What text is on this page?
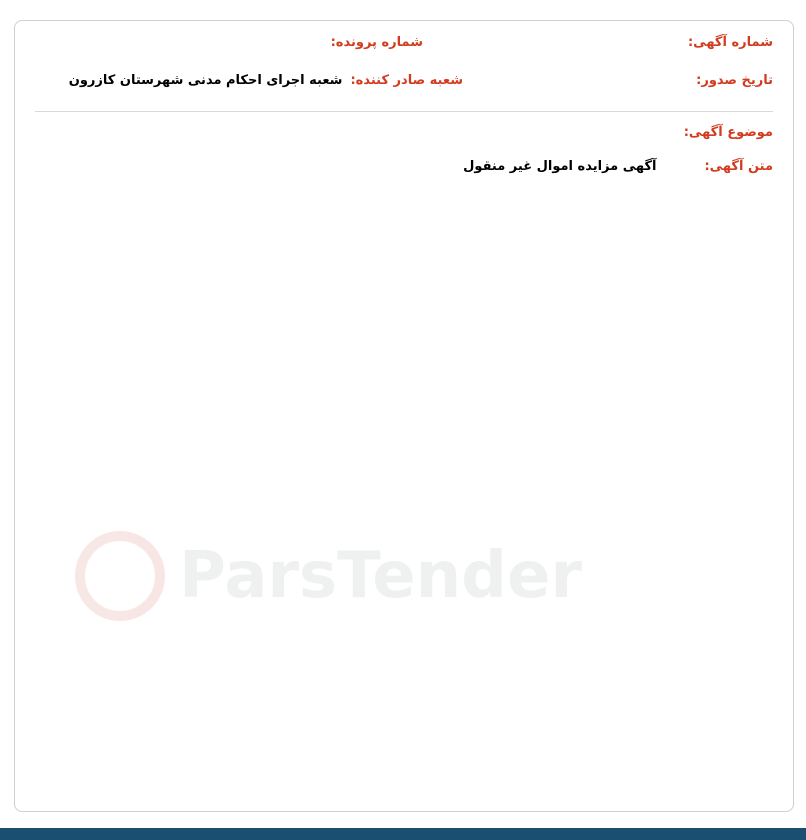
شماره آگهی:
شماره پرونده:
تاریخ صدور:
شعبه صادر کننده:
شعبه اجرای احکام مدنی شهرستان کازرون
موضوع آگهی:
متن آگهی:
آگهی مزایده اموال غیر منقول
ParsTender
